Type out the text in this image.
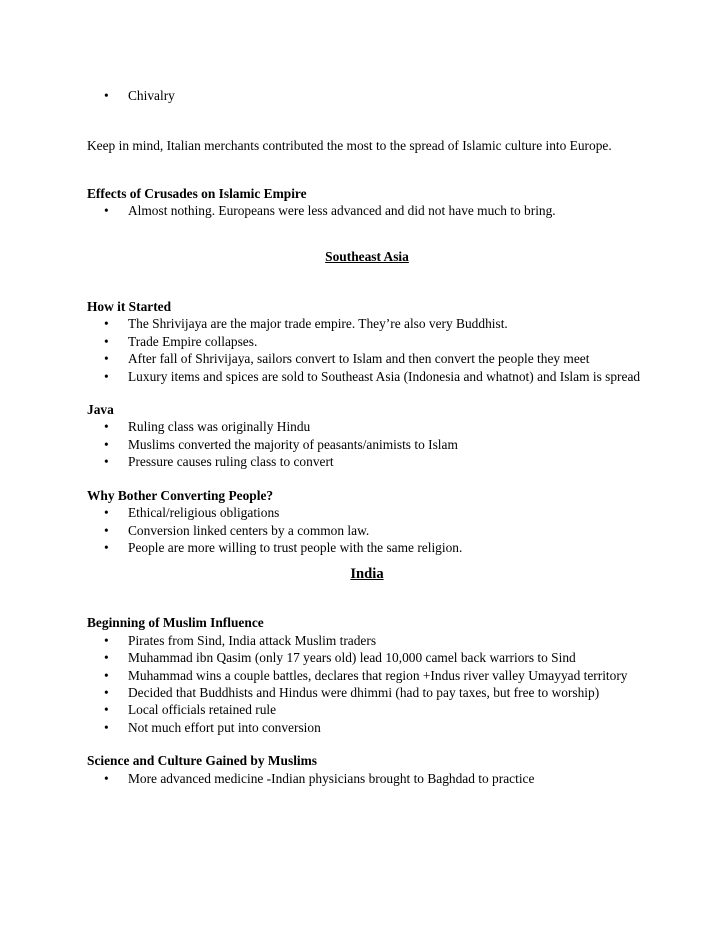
• Chivalry

Keep in mind, Italian merchants contributed the most to the spread of Islamic culture into Europe.

Effects of Crusades on Islamic Empire
• Almost nothing. Europeans were less advanced and did not have much to bring.
Southeast Asia
How it Started
• The Shrivijaya are the major trade empire. They’re also very Buddhist.
• Trade Empire collapses.
• After fall of Shrivijaya, sailors convert to Islam and then convert the people they meet
• Luxury items and spices are sold to Southeast Asia (Indonesia and whatnot) and Islam is spread
Java
• Ruling class was originally Hindu
• Muslims converted the majority of peasants/animists to Islam
• Pressure causes ruling class to convert
Why Bother Converting People?
• Ethical/religious obligations
• Conversion linked centers by a common law.
• People are more willing to trust people with the same religion.
India
Beginning of Muslim Influence
• Pirates from Sind, India attack Muslim traders
• Muhammad ibn Qasim (only 17 years old) lead 10,000 camel back warriors to Sind
• Muhammad wins a couple battles, declares that region +Indus river valley Umayyad territory
• Decided that Buddhists and Hindus were dhimmi (had to pay taxes, but free to worship)
• Local officials retained rule
• Not much effort put into conversion
Science and Culture Gained by Muslims
• More advanced medicine -Indian physicians brought to Baghdad to practice
